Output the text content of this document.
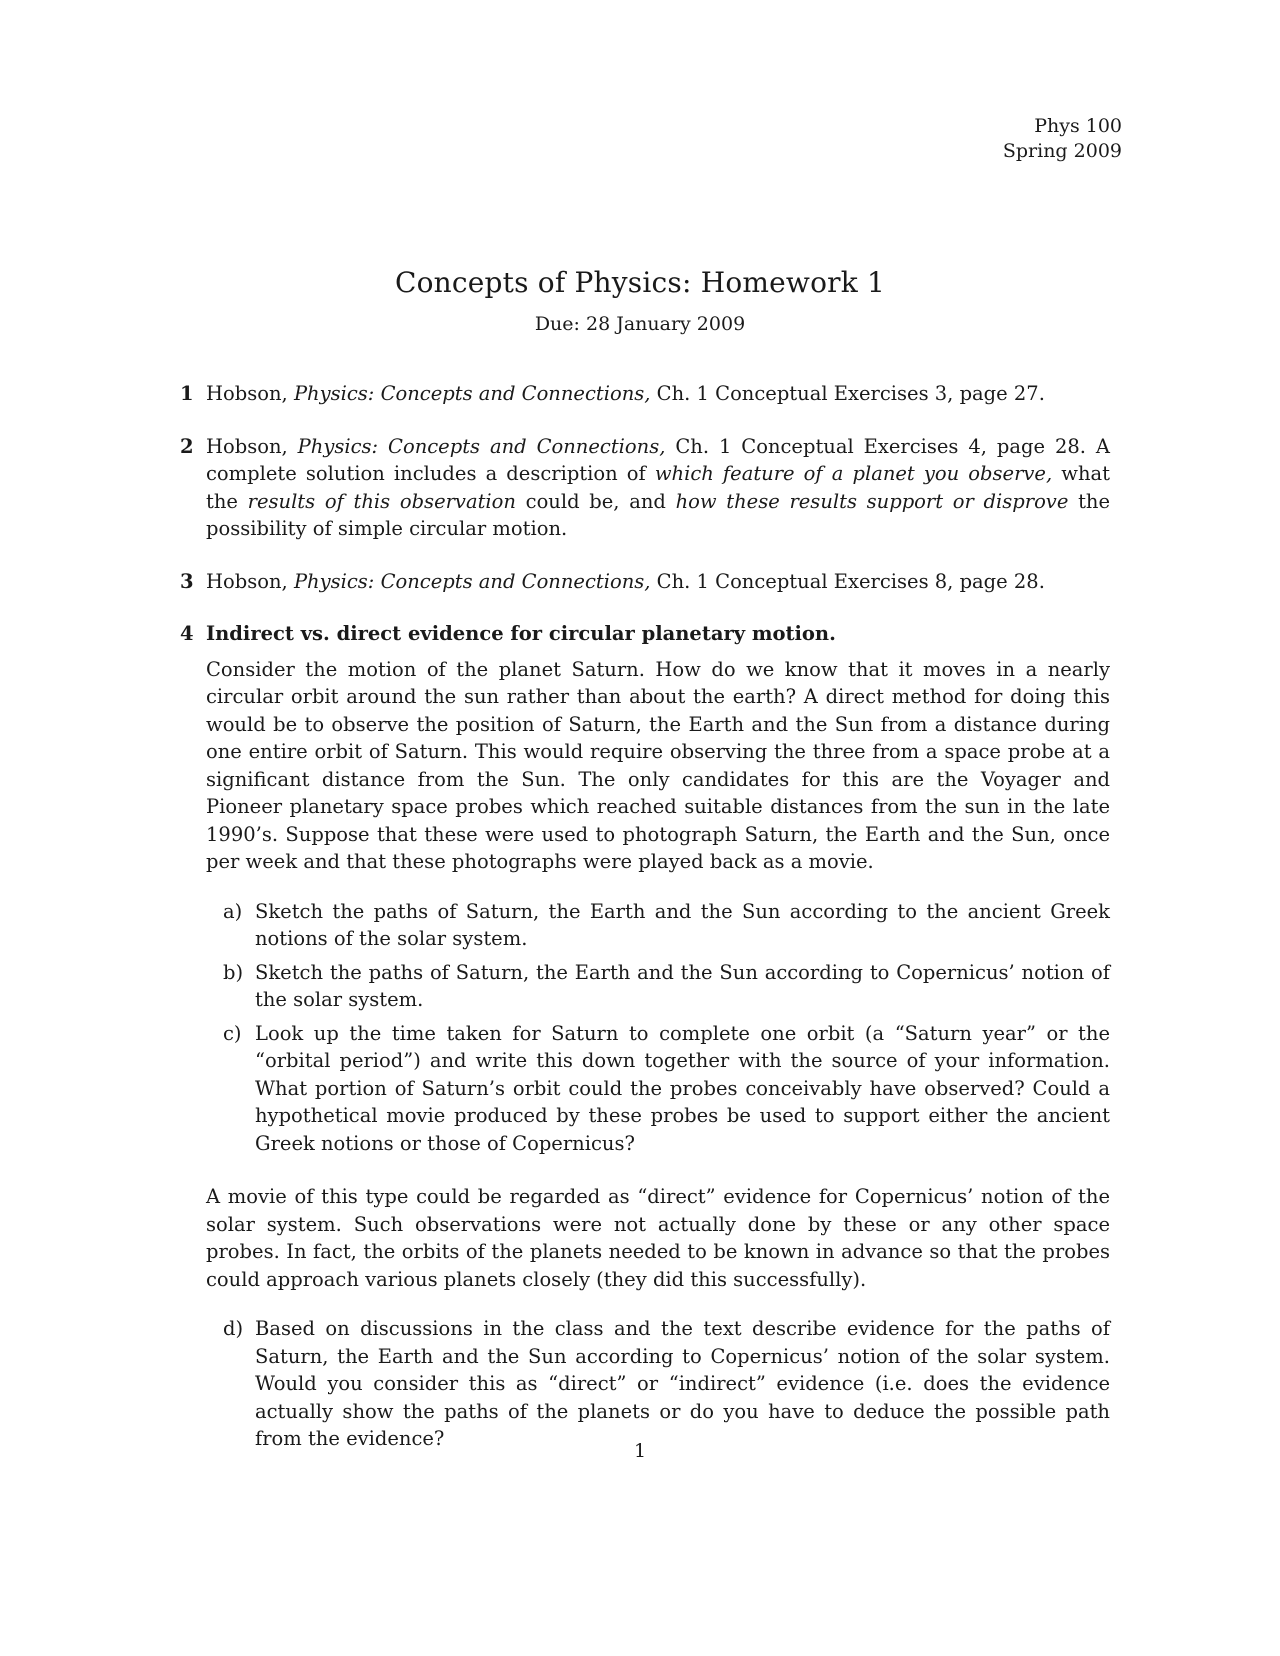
Phys 100
Spring 2009
Concepts of Physics: Homework 1
Due: 28 January 2009
1 Hobson, Physics: Concepts and Connections, Ch. 1 Conceptual Exercises 3, page 27.
2 Hobson, Physics: Concepts and Connections, Ch. 1 Conceptual Exercises 4, page 28. A complete solution includes a description of which feature of a planet you observe, what the results of this observation could be, and how these results support or disprove the possibility of simple circular motion.
3 Hobson, Physics: Concepts and Connections, Ch. 1 Conceptual Exercises 8, page 28.
4 Indirect vs. direct evidence for circular planetary motion.

Consider the motion of the planet Saturn. How do we know that it moves in a nearly circular orbit around the sun rather than about the earth? A direct method for doing this would be to observe the position of Saturn, the Earth and the Sun from a distance during one entire orbit of Saturn. This would require observing the three from a space probe at a significant distance from the Sun. The only candidates for this are the Voyager and Pioneer planetary space probes which reached suitable distances from the sun in the late 1990’s. Suppose that these were used to photograph Saturn, the Earth and the Sun, once per week and that these photographs were played back as a movie.

a) Sketch the paths of Saturn, the Earth and the Sun according to the ancient Greek notions of the solar system.
b) Sketch the paths of Saturn, the Earth and the Sun according to Copernicus’ notion of the solar system.
c) Look up the time taken for Saturn to complete one orbit (a “Saturn year” or the “orbital period”) and write this down together with the source of your information. What portion of Saturn’s orbit could the probes conceivably have observed? Could a hypothetical movie produced by these probes be used to support either the ancient Greek notions or those of Copernicus?

A movie of this type could be regarded as “direct” evidence for Copernicus’ notion of the solar system. Such observations were not actually done by these or any other space probes. In fact, the orbits of the planets needed to be known in advance so that the probes could approach various planets closely (they did this successfully).

d) Based on discussions in the class and the text describe evidence for the paths of Saturn, the Earth and the Sun according to Copernicus’ notion of the solar system. Would you consider this as “direct” or “indirect” evidence (i.e. does the evidence actually show the paths of the planets or do you have to deduce the possible path from the evidence?
1
